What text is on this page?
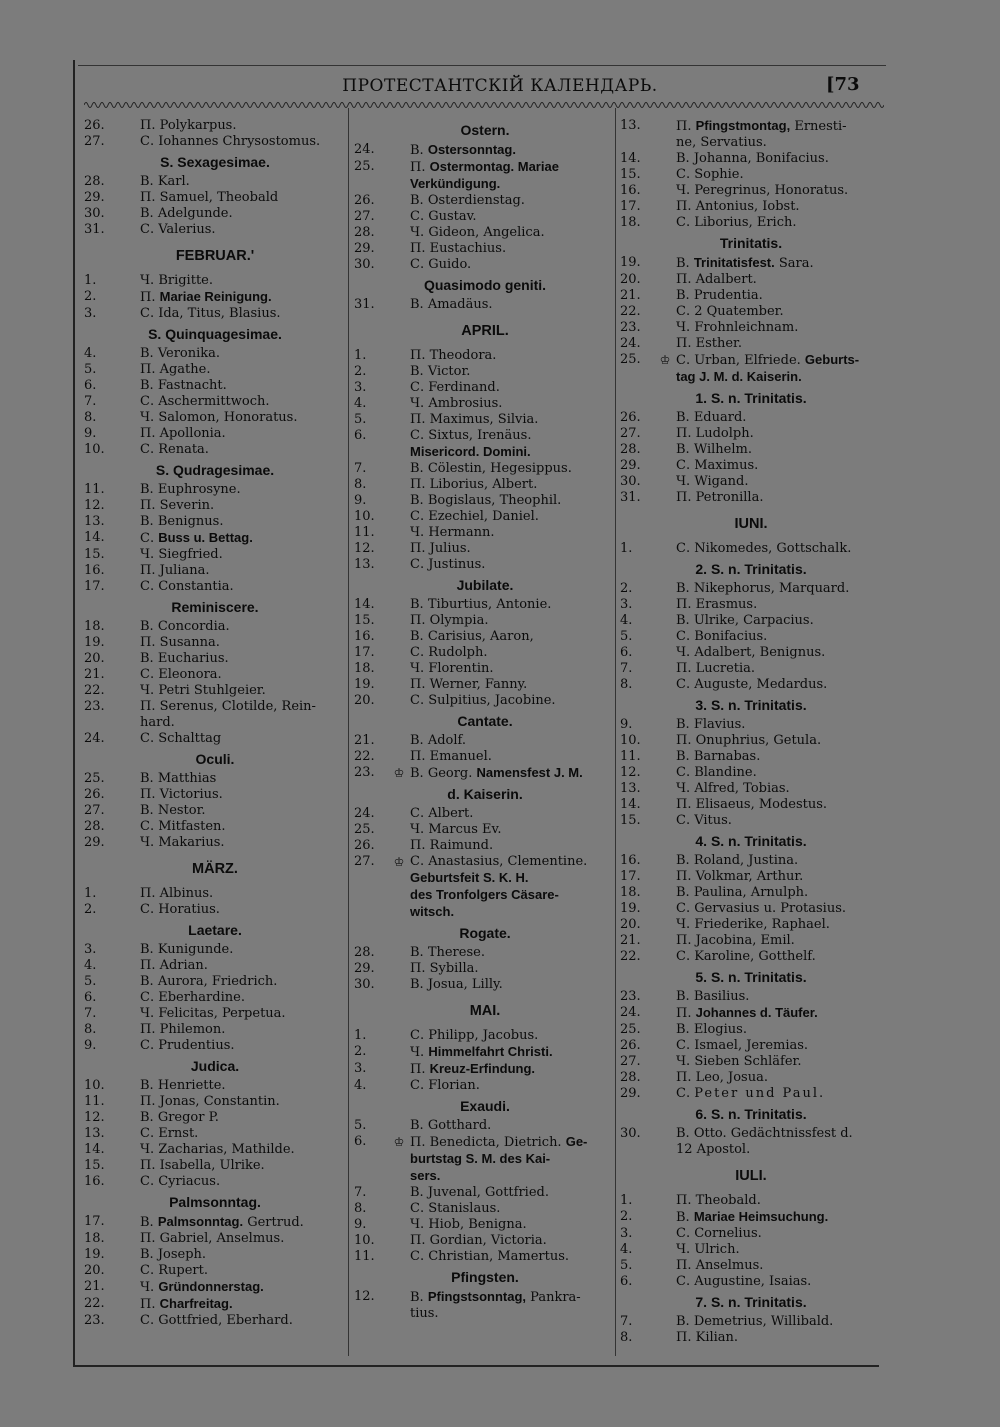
ПРОТЕСТАНТСКІЙ КАЛЕНДАРЬ.	[73
26.	П. Polykarpus.
27.	С. Iohannes Chrysostomus.
S. Sexagesimae.
28.	В. Karl.
29.	П. Samuel, Theobald
30.	В. Adelgunde.
31.	С. Valerius.
FEBRUAR.'
1.	Ч. Brigitte.
2.	П. Mariae Reinigung.
3.	С. Ida, Titus, Blasius.
S. Quinquagesimae.
4.	В. Veronika.
5.	П. Agathe.
6.	В. Fastnacht.
7.	С. Aschermittwoch.
8.	Ч. Salomon, Honoratus.
9.	П. Apollonia.
10.	С. Renata.
S. Qudragesimae.
11.	В. Euphrosyne.
12.	П. Severin.
13.	В. Benignus.
14.	С. Buss u. Bettag.
15.	Ч. Siegfried.
16.	П. Juliana.
17.	С. Constantia.
Reminiscere.
18.	В. Concordia.
19.	П. Susanna.
20.	В. Eucharius.
21.	С. Eleonora.
22.	Ч. Petri Stuhlgeier.
23.	П. Serenus, Clotilde, Rein-
hard.
24.	С. Schalttag
Oculi.
25.	В. Matthias
26.	П. Victorius.
27.	В. Nestor.
28.	С. Mitfasten.
29.	Ч. Makarius.
MÄRZ.
1.	П. Albinus.
2.	С. Horatius.
Laetare.
3.	В. Kunigunde.
4.	П. Adrian.
5.	В. Aurora, Friedrich.
6.	С. Eberhardine.
7.	Ч. Felicitas, Perpetua.
8.	П. Philemon.
9.	С. Prudentius.
Judica.
10.	В. Henriette.
11.	П. Jonas, Constantin.
12.	В. Gregor P.
13.	С. Ernst.
14.	Ч. Zacharias, Mathilde.
15.	П. Isabella, Ulrike.
16.	С. Cyriacus.
Palmsonntag.
17.	В. Palmsonntag. Gertrud.
18.	П. Gabriel, Anselmus.
19.	В. Joseph.
20.	С. Rupert.
21.	Ч. Gründonnerstag.
22.	П. Charfreitag.
23.	С. Gottfried, Eberhard.
Ostern.
24.	В. Ostersonntag.
25.	П. Ostermontag. Mariae
Verkündigung.
26.	В. Osterdienstag.
27.	С. Gustav.
28.	Ч. Gideon, Angelica.
29.	П. Eustachius.
30.	С. Guido.
Quasimodo geniti.
31.	В. Amadäus.
APRIL.
1.	П. Theodora.
2.	В. Victor.
3.	С. Ferdinand.
4.	Ч. Ambrosius.
5.	П. Maximus, Silvia.
6.	С. Sixtus, Irenäus.
Misericord. Domini.
7.	В. Cölestin, Hegesippus.
8.	П. Liborius, Albert.
9.	В. Bogislaus, Theophil.
10.	С. Ezechiel, Daniel.
11.	Ч. Hermann.
12.	П. Julius.
13.	С. Justinus.
Jubilate.
14.	В. Tiburtius, Antonie.
15.	П. Olympia.
16.	В. Carisius, Aaron,
17.	С. Rudolph.
18.	Ч. Florentin.
19.	П. Werner, Fanny.
20.	С. Sulpitius, Jacobine.
Cantate.
21.	В. Adolf.
22.	П. Emanuel.
23.	♔ В. Georg. Namensfest J. M.
d. Kaiserin.
24.	С. Albert.
25.	Ч. Marcus Ev.
26.	П. Raimund.
27.	♔ С. Anastasius, Clementine.
Geburtsfeit S. K. H.
des Tronfolgers Cäsare-
witsch.
Rogate.
28.	В. Therese.
29.	П. Sybilla.
30.	В. Josua, Lilly.
MAI.
1.	С. Philipp, Jacobus.
2.	Ч. Himmelfahrt Christi.
3.	П. Kreuz-Erfindung.
4.	С. Florian.
Exaudi.
5.	В. Gotthard.
6.	♔ П. Benedicta, Dietrich. Ge-
burtstag S. M. des Kai-
sers.
7.	В. Juvenal, Gottfried.
8.	С. Stanislaus.
9.	Ч. Hiob, Benigna.
10.	П. Gordian, Victoria.
11.	С. Christian, Mamertus.
Pfingsten.
12.	В. Pfingstsonntag, Pankra-
tius.
13.	П. Pfingstmontag, Ernesti-
ne, Servatius.
14.	В. Johanna, Bonifacius.
15.	С. Sophie.
16.	Ч. Peregrinus, Honoratus.
17.	П. Antonius, Iobst.
18.	С. Liborius, Erich.
Trinitatis.
19.	В. Trinitatisfest. Sara.
20.	П. Adalbert.
21.	В. Prudentia.
22.	С. 2 Quatember.
23.	Ч. Frohnleichnam.
24.	П. Esther.
25.	♔ С. Urban, Elfriede. Geburts-
tag J. M. d. Kaiserin.
1. S. n. Trinitatis.
26.	В. Eduard.
27.	П. Ludolph.
28.	В. Wilhelm.
29.	С. Maximus.
30.	Ч. Wigand.
31.	П. Petronilla.
IUNI.
1.	С. Nikomedes, Gottschalk.
2. S. n. Trinitatis.
2.	В. Nikephorus, Marquard.
3.	П. Erasmus.
4.	В. Ulrike, Carpacius.
5.	С. Bonifacius.
6.	Ч. Adalbert, Benignus.
7.	П. Lucretia.
8.	С. Auguste, Medardus.
3. S. n. Trinitatis.
9.	В. Flavius.
10.	П. Onuphrius, Getula.
11.	В. Barnabas.
12.	С. Blandine.
13.	Ч. Alfred, Tobias.
14.	П. Elisaeus, Modestus.
15.	С. Vitus.
4. S. n. Trinitatis.
16.	В. Roland, Justina.
17.	П. Volkmar, Arthur.
18.	В. Paulina, Arnulph.
19.	С. Gervasius u. Protasius.
20.	Ч. Friederike, Raphael.
21.	П. Jacobina, Emil.
22.	С. Karoline, Gotthelf.
5. S. n. Trinitatis.
23.	В. Basilius.
24.	П. Johannes d. Täufer.
25.	В. Elogius.
26.	С. Ismael, Jeremias.
27.	Ч. Sieben Schläfer.
28.	П. Leo, Josua.
29.	С. Peter und Paul.
6. S. n. Trinitatis.
30.	В. Otto. Gedächtnissfest d.
12 Apostol.
IULI.
1.	П. Theobald.
2.	В. Mariae Heimsuchung.
3.	С. Cornelius.
4.	Ч. Ulrich.
5.	П. Anselmus.
6.	С. Augustine, Isaias.
7. S. n. Trinitatis.
7.	В. Demetrius, Willibald.
8.	П. Kilian.
